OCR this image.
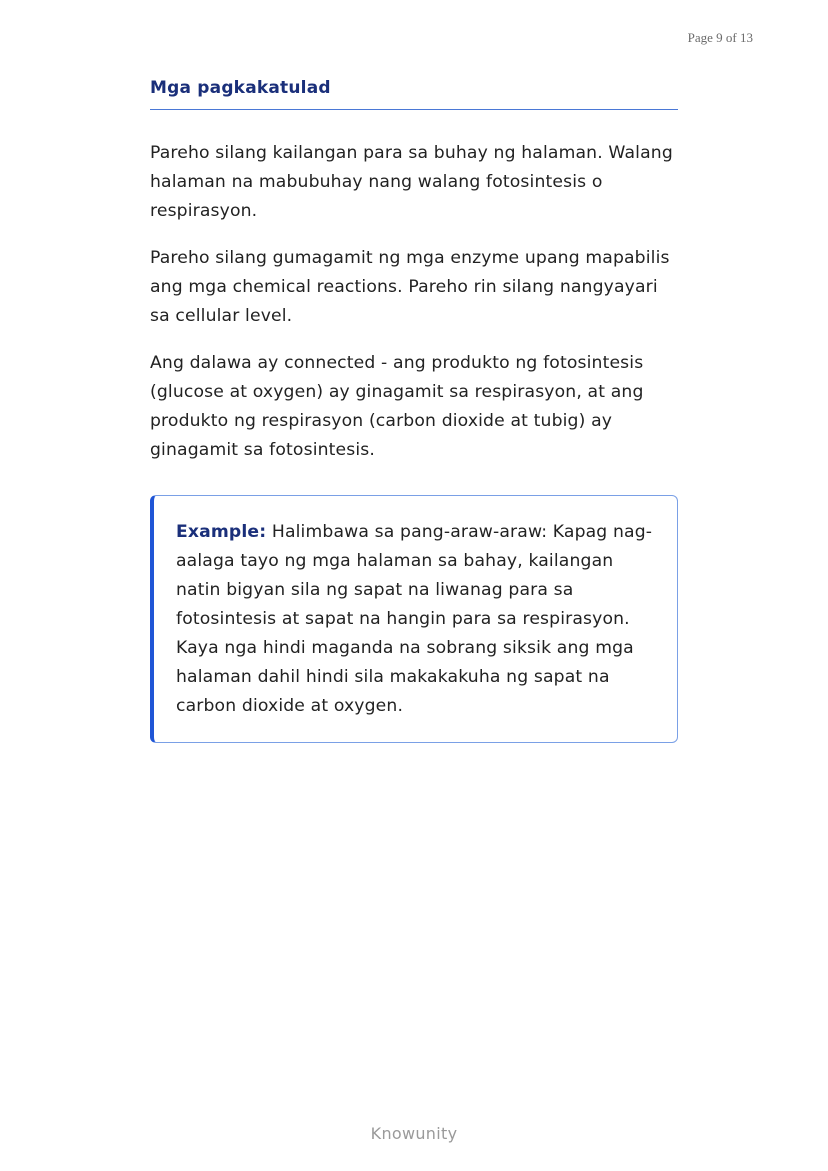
Page 9 of 13
Mga pagkakatulad

Pareho silang kailangan para sa buhay ng halaman. Walang halaman na mabubuhay nang walang fotosintesis o respirasyon.

Pareho silang gumagamit ng mga enzyme upang mapabilis ang mga chemical reactions. Pareho rin silang nangyayari sa cellular level.

Ang dalawa ay connected - ang produkto ng fotosintesis (glucose at oxygen) ay ginagamit sa respirasyon, at ang produkto ng respirasyon (carbon dioxide at tubig) ay ginagamit sa fotosintesis.

Example: Halimbawa sa pang-araw-araw: Kapag nag-aalaga tayo ng mga halaman sa bahay, kailangan natin bigyan sila ng sapat na liwanag para sa fotosintesis at sapat na hangin para sa respirasyon. Kaya nga hindi maganda na sobrang siksik ang mga halaman dahil hindi sila makakakuha ng sapat na carbon dioxide at oxygen.

Knowunity
